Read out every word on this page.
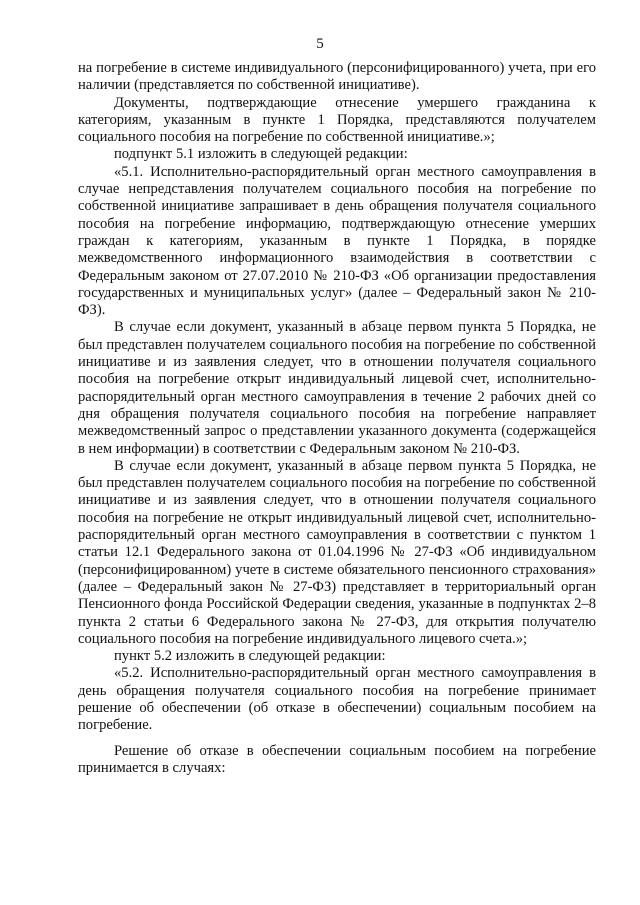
5

на погребение в системе индивидуального (персонифицированного) учета, при его наличии (представляется по собственной инициативе).

Документы, подтверждающие отнесение умершего гражданина к категориям, указанным в пункте 1 Порядка, представляются получателем социального пособия на погребение по собственной инициативе.»;

подпункт 5.1 изложить в следующей редакции:

«5.1. Исполнительно-распорядительный орган местного самоуправления в случае непредставления получателем социального пособия на погребение по собственной инициативе запрашивает в день обращения получателя социального пособия на погребение информацию, подтверждающую отнесение умерших граждан к категориям, указанным в пункте 1 Порядка, в порядке межведомственного информационного взаимодействия в соответствии с Федеральным законом от 27.07.2010 № 210-ФЗ «Об организации предоставления государственных и муниципальных услуг» (далее – Федеральный закон № 210-ФЗ).

В случае если документ, указанный в абзаце первом пункта 5 Порядка, не был представлен получателем социального пособия на погребение по собственной инициативе и из заявления следует, что в отношении получателя социального пособия на погребение открыт индивидуальный лицевой счет, исполнительно-распорядительный орган местного самоуправления в течение 2 рабочих дней со дня обращения получателя социального пособия на погребение направляет межведомственный запрос о представлении указанного документа (содержащейся в нем информации) в соответствии с Федеральным законом № 210-ФЗ.

В случае если документ, указанный в абзаце первом пункта 5 Порядка, не был представлен получателем социального пособия на погребение по собственной инициативе и из заявления следует, что в отношении получателя социального пособия на погребение не открыт индивидуальный лицевой счет, исполнительно-распорядительный орган местного самоуправления в соответствии с пунктом 1 статьи 12.1 Федерального закона от 01.04.1996 № 27-ФЗ «Об индивидуальном (персонифицированном) учете в системе обязательного пенсионного страхования» (далее – Федеральный закон № 27-ФЗ) представляет в территориальный орган Пенсионного фонда Российской Федерации сведения, указанные в подпунктах 2–8 пункта 2 статьи 6 Федерального закона № 27-ФЗ, для открытия получателю социального пособия на погребение индивидуального лицевого счета.»;

пункт 5.2 изложить в следующей редакции:

«5.2. Исполнительно-распорядительный орган местного самоуправления в день обращения получателя социального пособия на погребение принимает решение об обеспечении (об отказе в обеспечении) социальным пособием на погребение.

Решение об отказе в обеспечении социальным пособием на погребение принимается в случаях:
